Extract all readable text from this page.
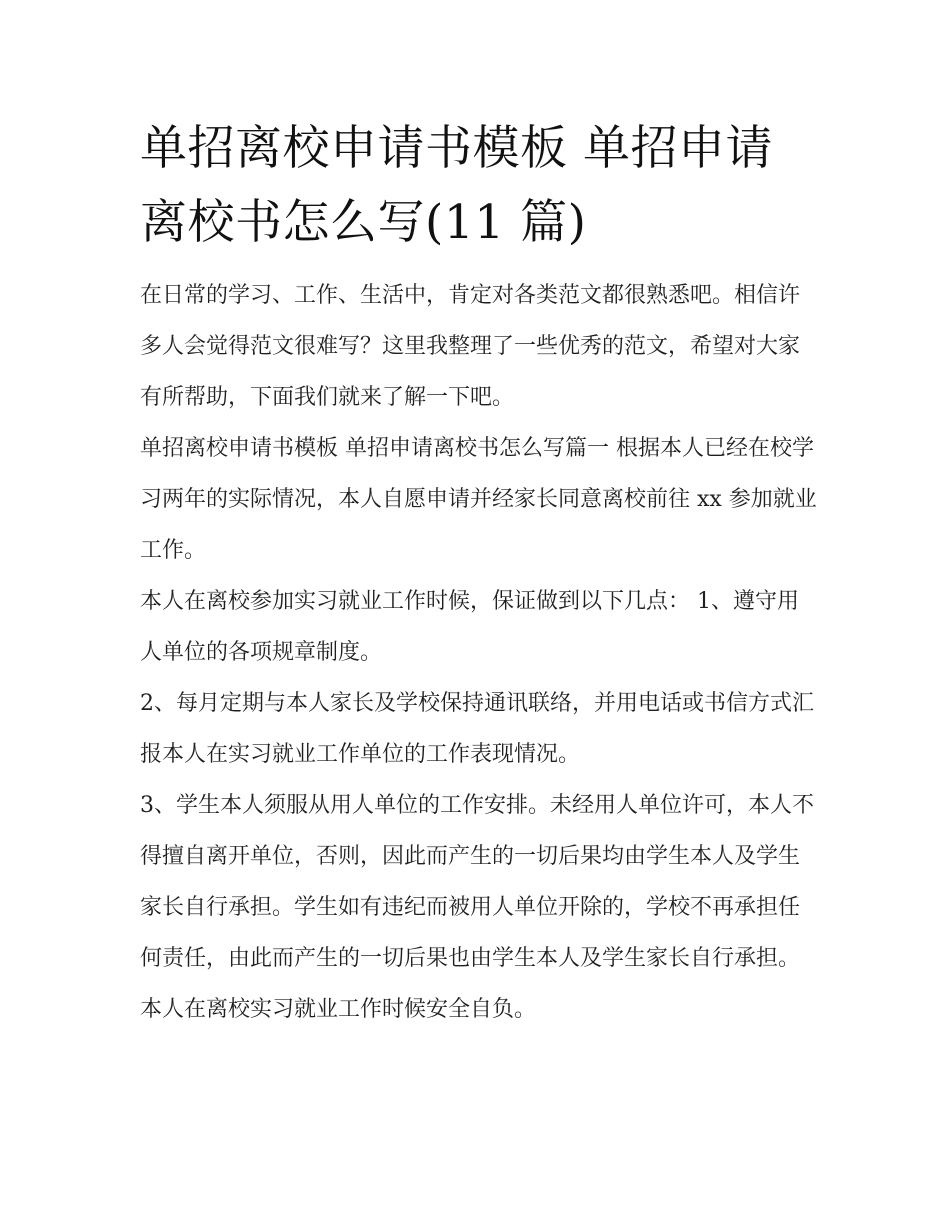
单招离校申请书模板 单招申请离校书怎么写(11 篇)

在日常的学习、工作、生活中，肯定对各类范文都很熟悉吧。相信许多人会觉得范文很难写？这里我整理了一些优秀的范文，希望对大家有所帮助，下面我们就来了解一下吧。

单招离校申请书模板 单招申请离校书怎么写篇一 根据本人已经在校学习两年的实际情况，本人自愿申请并经家长同意离校前往 xx 参加就业工作。

本人在离校参加实习就业工作时候，保证做到以下几点： 1、遵守用人单位的各项规章制度。

2、每月定期与本人家长及学校保持通讯联络，并用电话或书信方式汇报本人在实习就业工作单位的工作表现情况。

3、学生本人须服从用人单位的工作安排。未经用人单位许可，本人不得擅自离开单位，否则，因此而产生的一切后果均由学生本人及学生家长自行承担。学生如有违纪而被用人单位开除的，学校不再承担任何责任，由此而产生的一切后果也由学生本人及学生家长自行承担。本人在离校实习就业工作时候安全自负。
